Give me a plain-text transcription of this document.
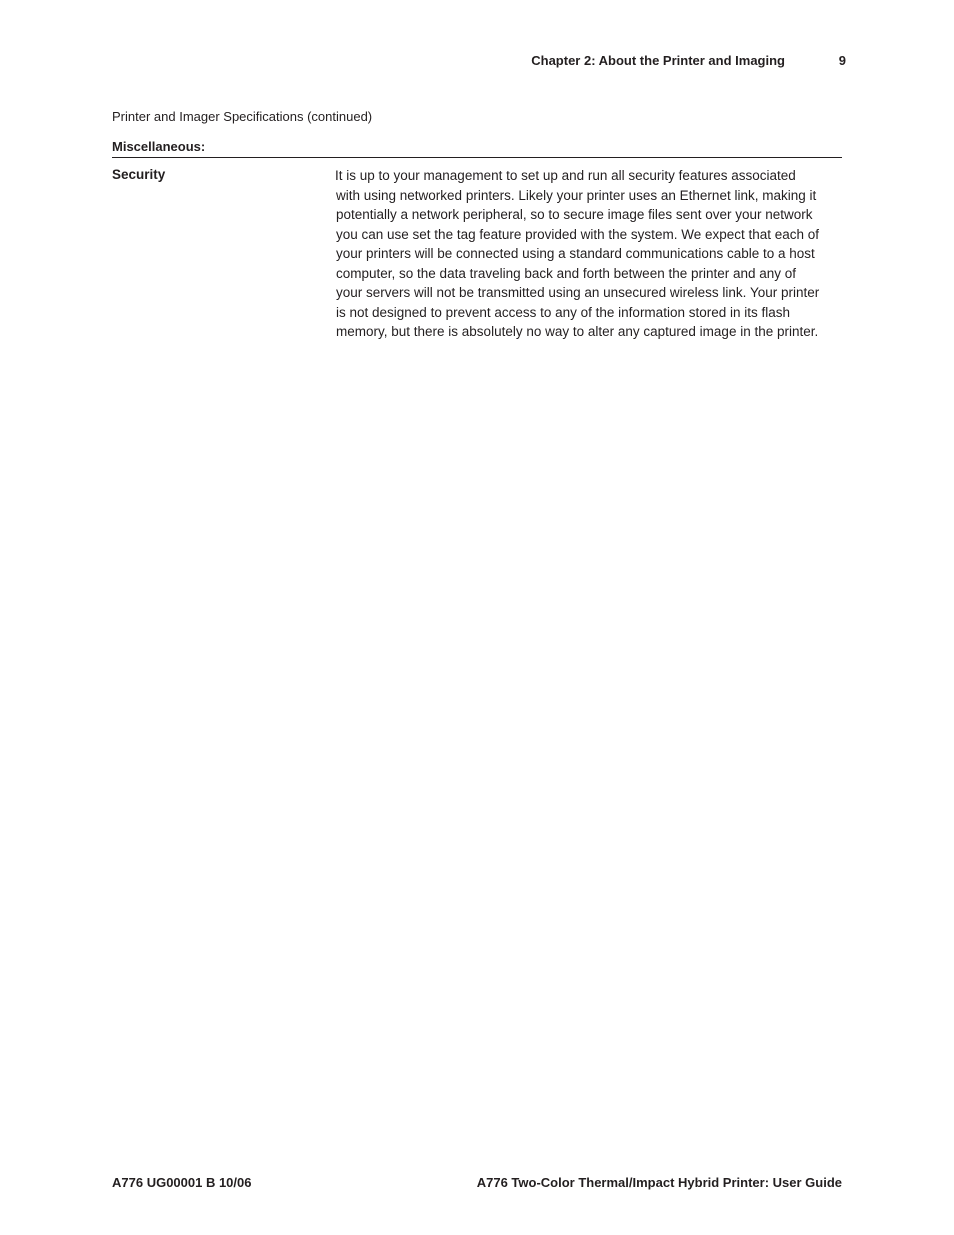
Chapter 2: About the Printer and Imaging	9
Printer and Imager Specifications (continued)
Miscellaneous:
Security	It is up to your management to set up and run all security features associated
with using networked printers. Likely your printer uses an Ethernet link, making it
potentially a network peripheral, so to secure image files sent over your network
you can use set the tag feature provided with the system. We expect that each of
your printers will be connected using a standard communications cable to a host
computer, so the data traveling back and forth between the printer and any of
your servers will not be transmitted using an unsecured wireless link. Your printer
is not designed to prevent access to any of the information stored in its flash
memory, but there is absolutely no way to alter any captured image in the printer.
A776 UG00001 B 10/06	A776 Two-Color Thermal/Impact Hybrid Printer: User Guide
